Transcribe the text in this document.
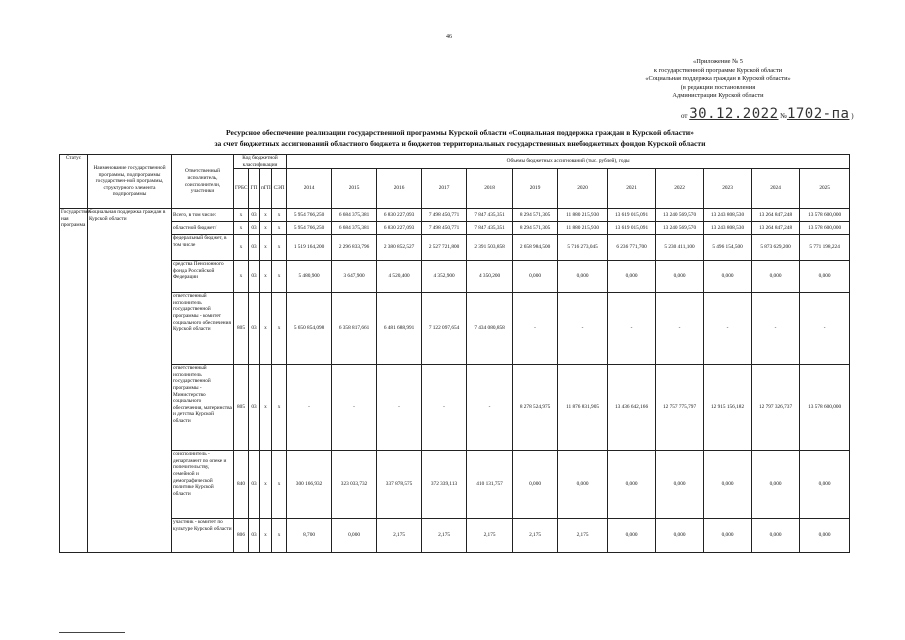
46
«Приложение № 5
к государственной программе Курской области
«Социальная поддержка граждан в Курской области»
(в редакции постановления
Администрации Курской области
от 30.12.2022 №1702-па )
Ресурсное обеспечение реализации государственной программы Курской области «Социальная поддержка граждан в Курской области»
за счет бюджетных ассигнований областного бюджета и бюджетов территориальных государственных внебюджетных фондов Курской области
Статус	Наименование государственной программы, подпрограммы государствен-ной программы, структурного элемента подпрограммы	Ответственный исполнитель, соисполнители, участники	Код бюджетной классификации				Объемы бюджетных ассигнований (тыс. рублей), годы											
			ГРБС	ГП	пГП	СЭП	2014	2015	2016	2017	2018	2019	2020	2021	2022	2023	2024	2025
Государствен-ная программа	Социальная поддержка граждан в Курской области	Всего, в том числе:	х	03	х	х	5 954 766,250	6 684 375,381	6 830 227,093	7 498 450,771	7 847 435,351	8 294 571,305	11 880 215,930	13 619 015,091	13 240 569,570	13 243 808,530	13 264 847,248	13 578 600,000
		областной бюджет/	х	03	х	х	5 954 766,250	6 684 375,381	6 830 227,093	7 498 450,771	7 847 435,351	8 294 571,305	11 880 215,930	13 619 015,091	13 240 569,570	13 243 808,530	13 264 847,248	13 578 600,000
		федеральный бюджет, в том числе	х	03	х	х	1 519 164,200	2 296 833,796	2 380 852,527	2 527 721,800	2 391 503,858	2 658 984,500	5 716 273,045	6 236 771,700	5 230 411,100	5 496 154,500	5 873 629,200	5 771 198,224
		средства Пенсионного фонда Российской Федерации	х	03	х	х	5 480,900	3 647,900	4 520,400	4 352,900	4 350,200	0,000	0,000	0,000	0,000	0,000	0,000	0,000
		ответственный исполнитель государственной программы - комитет социального обеспечения Курской области	805	03	х	х	5 650 854,098	6 358 817,661	6 481 688,991	7 122 097,654	7 434 080,858	-	-	-	-	-	-	-
		ответственный исполнитель государственной программы - Министерство социального обеспечения, материнства и детства Курской области	805	03	х	х	-	-	-	-	-	8 278 524,975	11 876 831,905	13 436 642,166	12 757 775,797	12 915 156,182	12 797 326,737	13 578 600,000
		соисполнитель - департамент по опеке и попечительству, семейной и демографической политике Курской области	840	03	х	х	300 166,932	323 033,732	337 878,575	372 339,113	410 131,757	0,000	0,000	0,000	0,000	0,000	0,000	0,000
		участник - комитет по культуре Курской области	806	03	х	х	8,700	0,000	2,175	2,175	2,175	2,175	2,175	0,000	0,000	0,000	0,000	0,000
